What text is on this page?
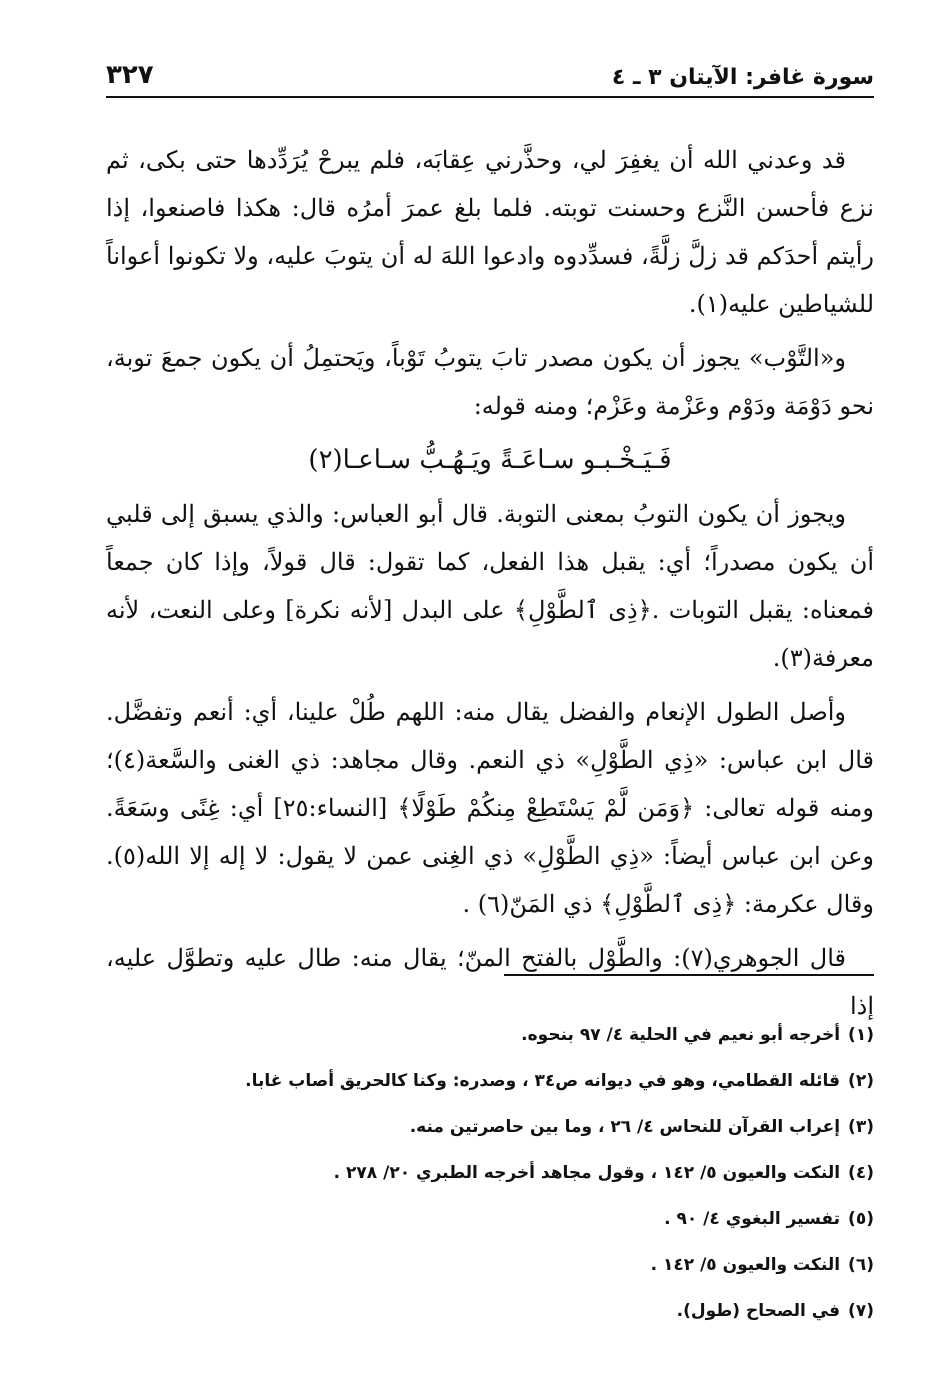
سورة غافر: الآيتان ٣ ـ ٤
٣٢٧

قد وعدني الله أن يغفِرَ لي، وحذَّرني عِقابَه، فلم يبرحْ يُرَدِّدها حتى بكى، ثم نزع فأحسن النَّزع وحسنت توبته. فلما بلغ عمرَ أمرُه قال: هكذا فاصنعوا، إذا رأيتم أحدَكم قد زلَّ زلَّةً، فسدِّدوه وادعوا اللهَ له أن يتوبَ عليه، ولا تكونوا أعواناً للشياطين عليه(١).

و«التَّوْب» يجوز أن يكون مصدر تابَ يتوبُ تَوْباً، ويَحتمِلُ أن يكون جمعَ توبة، نحو دَوْمَة ودَوْم وعَزْمة وعَزْم؛ ومنه قوله:

فَـيَـخْـبـو سـاعَـةً ويَـهُـبُّ سـاعـا(٢)

ويجوز أن يكون التوبُ بمعنى التوبة. قال أبو العباس: والذي يسبق إلى قلبي أن يكون مصدراً؛ أي: يقبل هذا الفعل، كما تقول: قال قولاً، وإذا كان جمعاً فمعناه: يقبل التوبات .﴿ذِى ٱلطَّوْلِ﴾ على البدل [لأنه نكرة] وعلى النعت، لأنه معرفة(٣).

وأصل الطول الإنعام والفضل يقال منه: اللهم طُلْ علينا، أي: أنعم وتفضَّل. قال ابن عباس: «ذِي الطَّوْلِ» ذي النعم. وقال مجاهد: ذي الغنى والسَّعة(٤)؛ ومنه قوله تعالى: ﴿وَمَن لَّمْ يَسْتَطِعْ مِنكُمْ طَوْلًا﴾ [النساء:٢٥] أي: غِنًى وسَعَةً. وعن ابن عباس أيضاً: «ذِي الطَّوْلِ» ذي الغِنى عمن لا يقول: لا إله إلا الله(٥). وقال عكرمة: ﴿ذِى ٱلطَّوْلِ﴾ ذي المَنّ(٦) .

قال الجوهري(٧): والطَّوْل بالفتح المنّ؛ يقال منه: طال عليه وتطوَّل عليه، إذا

(١)أخرجه أبو نعيم في الحلية ٤/ ٩٧ بنحوه.
(٢)قائله القطامي، وهو في ديوانه ص٣٤ ، وصدره: وكنا كالحريق أصاب غابا.
(٣)إعراب القرآن للنحاس ٤/ ٢٦ ، وما بين حاصرتين منه.
(٤)النكت والعيون ٥/ ١٤٢ ، وقول مجاهد أخرجه الطبري ٢٠/ ٢٧٨ .
(٥)تفسير البغوي ٤/ ٩٠ .
(٦)النكت والعيون ٥/ ١٤٢ .
(٧)في الصحاح (طول).
